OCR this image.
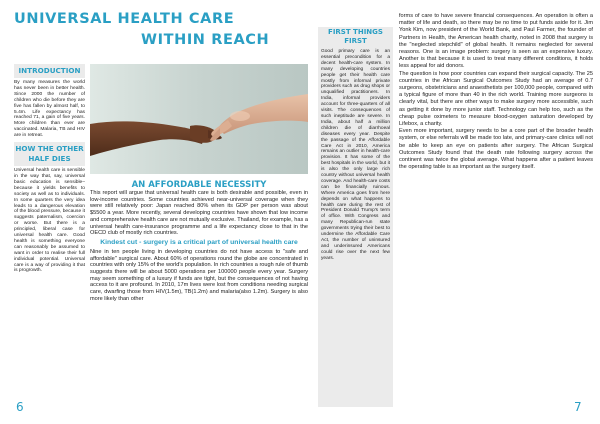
UNIVERSAL HEALTH CARE
WITHIN REACH
INTRODUCTION

By many measures the world has never been in better health. Since 2000 the number of children who die before they are five has fallen by almost half, to 5.4m. Life expectancy has reached 71, a gain of five years. More children than ever are vaccinated. Malaria, TB and HIV are in retreat.

HOW THE OTHER HALF DIES

Universal health care is sensible in the way that, say, universal basic education is sensible–because it yields benefits to society as well as to individuals. In some quarters the very idea leads to a dangerous elevation of the blood pressure, because it suggests paternalism, coercion or worse. But there is a principled, liberal case for universal health care. Good health is something everyone can reasonably be assumed to want in order to realise their full individual potential. Universal care is a way of providing it that is progrowth.

AN AFFORDABLE NECESSITY

This report will argue that universal health care is both desirable and possible, even in low-income countries. Some countries achieved near-universal coverage when they were still relatively poor: Japan reached 80% when its GDP per person was about $5500 a year. More recently, several developing countries have shown that low income and comprehensive health care are not mutually exclusive. Thailand, for example, has a universal health care-insurance programme and a life expectancy close to that in the OECD club of mostly rich countries.

Kindest cut - surgery is a critical part of universal health care

Nine in ten people living in developing countries do not have access to "safe and affordable" surgical care. About 60% of operations round the globe are concentrated in countries with only 15% of the world's population. In rich countries a rough rule of thumb suggests there will be about 5000 operations per 100000 people every year. Surgery may seem something of a luxury if funds are tight, but the consequences of not having access to it are profound. In 2010, 17m lives were lost from conditions needing surgical care, dwarfing those from HIV(1.5m), TB(1.2m) and malaria(also 1.2m). Surgery is also more likely than other

6

FIRST THINGS FIRST

Good primary care is an essential precondition for a decent health-care system. In many developing countries people get their health care mostly from informal private providers such as drug shops or unqualified practitioners. In India, informal providers account for three-quarters of all visits. The consequences of such ineptitude are severe. In India, about half a million children die of diarrhoeal diseases every year. Despite the passage of the Affordable Care Act in 2010, America remains an outlier in health-care provision. It has some of the best hospitals in the world, but it is also the only large rich country without universal health coverage. And health-care costs can be financially ruinous. Where America goes from here depends on what happens to health care during the rest of President Donald Trump's term of office. With Congress and many Republican-run state governments trying their best to undermine the Affordable Care Act, the number of uninsured and underinsured Americans could rise over the next few years.

forms of care to have severe financial consequences. An operation is often a matter of life and death, so there may be no time to put funds aside for it. Jim Yonk Kim, now president of the World Bank, and Paul Farmer, the founder of Partners in Health, the American health charity, noted in 2008 that surgery is the "neglected stepchild" of global health. It remains neglected for several reasons. One is an image problem: surgery is seen as an expensive luxury. Another is that because it is used to treat many different conditions, it holds less appeal for aid donors.

The question is how poor countries can expand their surgical capacity. The 25 countries in the African Surgical Outcomes Study had an average of 0.7 surgeons, obstetricians and anaesthetists per 100,000 people, compared with a typical figure of more than 40 in the rich world. Training more surgeons is clearly vital, but there are other ways to make surgery more accessible, such as getting it done by more junior staff. Technology can help too, such as the cheap pulse oximeters to measure blood-oxygen saturation developed by Lifebox, a charity.

Even more important, surgery needs to be a core part of the broader health system, or else referrals will be made too late, and primary-care clinics will not be able to keep an eye on patients after surgery. The African Surgical Outcomes Study found that the death rate following surgery across the continent was twice the global average. What happens after a patient leaves the operating table is as important as the surgery itself.

7
